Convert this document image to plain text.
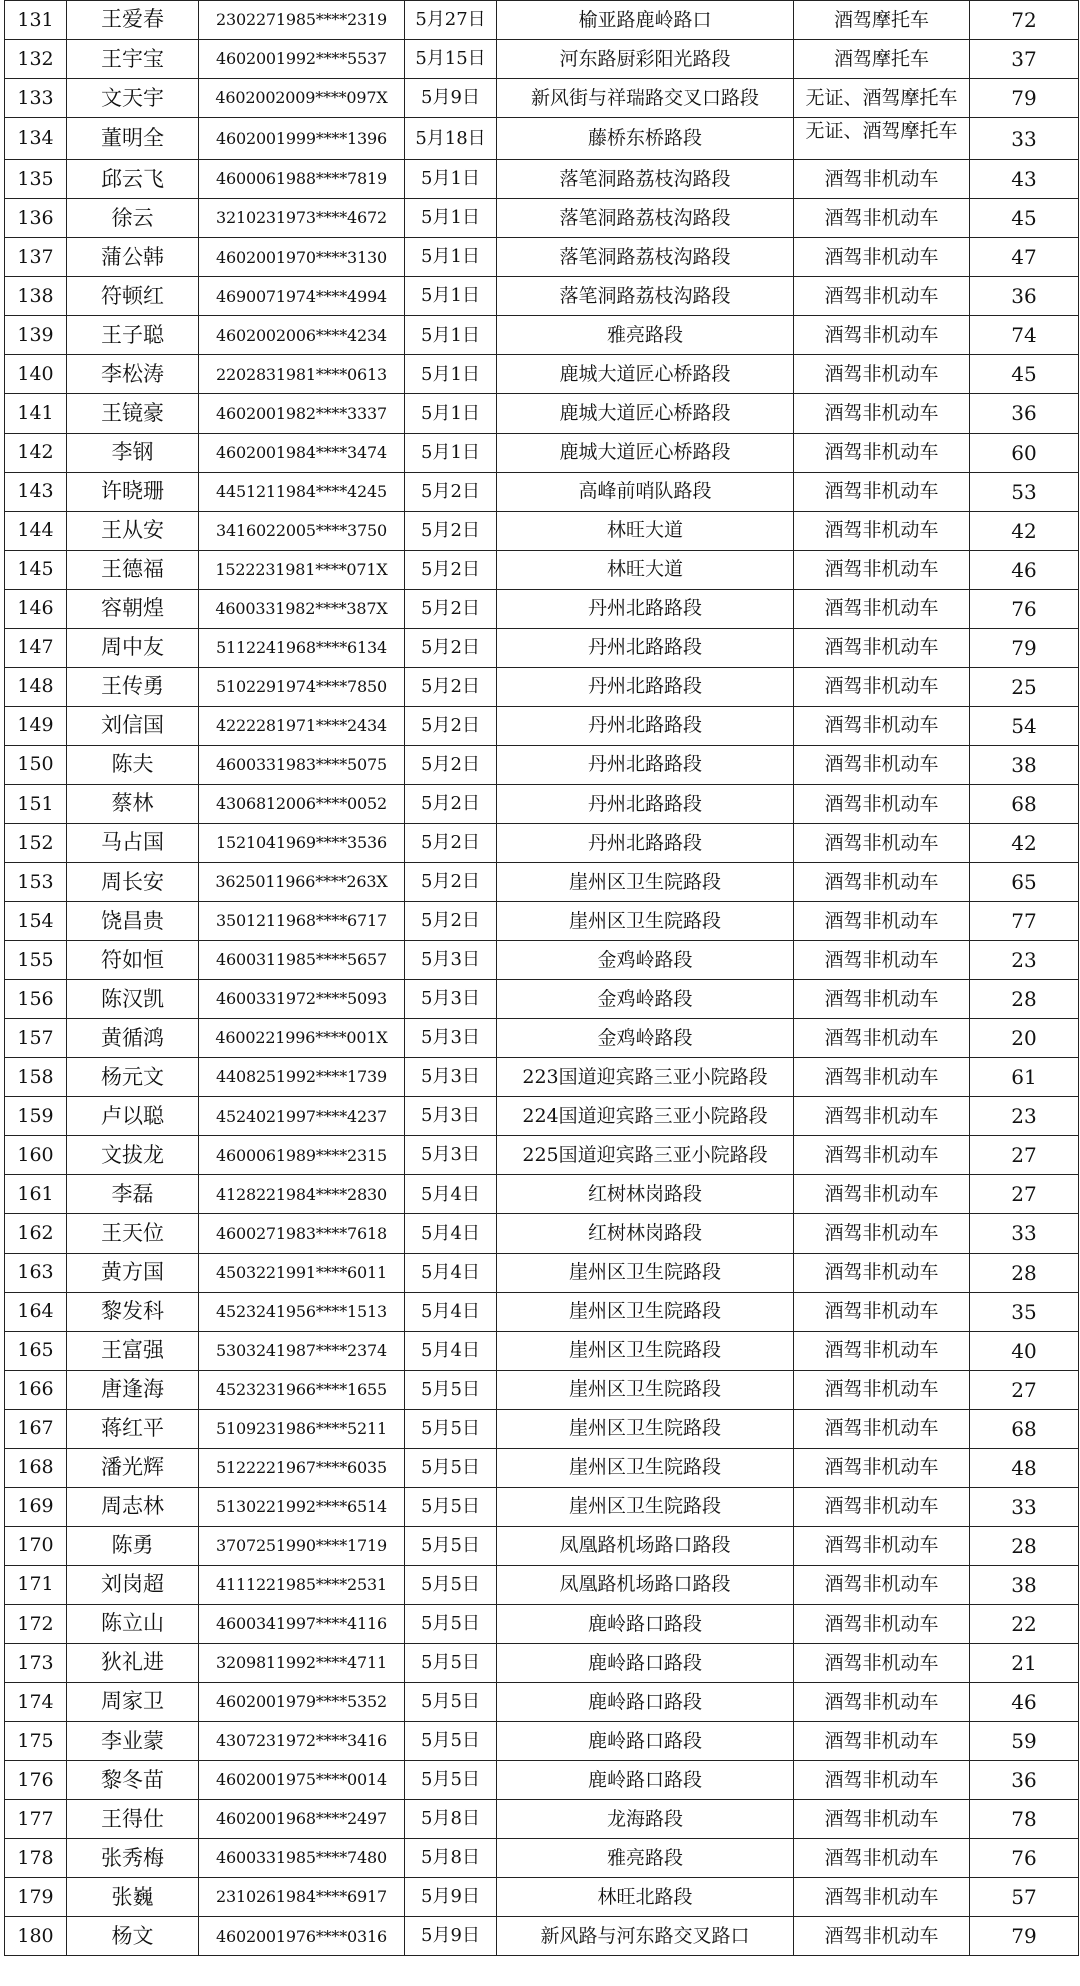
131	王爱春	2302271985****2319	5月27日	榆亚路鹿岭路口	酒驾摩托车	72
132	王宇宝	4602001992****5537	5月15日	河东路厨彩阳光路段	酒驾摩托车	37
133	文天宇	4602002009****097X	5月9日	新风街与祥瑞路交叉口路段	无证、酒驾摩托车	79
134	董明全	4602001999****1396	5月18日	藤桥东桥路段	无证、酒驾摩托车	33
135	邱云飞	4600061988****7819	5月1日	落笔洞路荔枝沟路段	酒驾非机动车	43
136	徐云	3210231973****4672	5月1日	落笔洞路荔枝沟路段	酒驾非机动车	45
137	蒲公韩	4602001970****3130	5月1日	落笔洞路荔枝沟路段	酒驾非机动车	47
138	符顿红	4690071974****4994	5月1日	落笔洞路荔枝沟路段	酒驾非机动车	36
139	王子聪	4602002006****4234	5月1日	雅亮路段	酒驾非机动车	74
140	李松涛	2202831981****0613	5月1日	鹿城大道匠心桥路段	酒驾非机动车	45
141	王镜豪	4602001982****3337	5月1日	鹿城大道匠心桥路段	酒驾非机动车	36
142	李钢	4602001984****3474	5月1日	鹿城大道匠心桥路段	酒驾非机动车	60
143	许晓珊	4451211984****4245	5月2日	高峰前哨队路段	酒驾非机动车	53
144	王从安	3416022005****3750	5月2日	林旺大道	酒驾非机动车	42
145	王德福	1522231981****071X	5月2日	林旺大道	酒驾非机动车	46
146	容朝煌	4600331982****387X	5月2日	丹州北路路段	酒驾非机动车	76
147	周中友	5112241968****6134	5月2日	丹州北路路段	酒驾非机动车	79
148	王传勇	5102291974****7850	5月2日	丹州北路路段	酒驾非机动车	25
149	刘信国	4222281971****2434	5月2日	丹州北路路段	酒驾非机动车	54
150	陈夫	4600331983****5075	5月2日	丹州北路路段	酒驾非机动车	38
151	蔡林	4306812006****0052	5月2日	丹州北路路段	酒驾非机动车	68
152	马占国	1521041969****3536	5月2日	丹州北路路段	酒驾非机动车	42
153	周长安	3625011966****263X	5月2日	崖州区卫生院路段	酒驾非机动车	65
154	饶昌贵	3501211968****6717	5月2日	崖州区卫生院路段	酒驾非机动车	77
155	符如恒	4600311985****5657	5月3日	金鸡岭路段	酒驾非机动车	23
156	陈汉凯	4600331972****5093	5月3日	金鸡岭路段	酒驾非机动车	28
157	黄循鸿	4600221996****001X	5月3日	金鸡岭路段	酒驾非机动车	20
158	杨元文	4408251992****1739	5月3日	223国道迎宾路三亚小院路段	酒驾非机动车	61
159	卢以聪	4524021997****4237	5月3日	224国道迎宾路三亚小院路段	酒驾非机动车	23
160	文拔龙	4600061989****2315	5月3日	225国道迎宾路三亚小院路段	酒驾非机动车	27
161	李磊	4128221984****2830	5月4日	红树林岗路段	酒驾非机动车	27
162	王天位	4600271983****7618	5月4日	红树林岗路段	酒驾非机动车	33
163	黄方国	4503221991****6011	5月4日	崖州区卫生院路段	酒驾非机动车	28
164	黎发科	4523241956****1513	5月4日	崖州区卫生院路段	酒驾非机动车	35
165	王富强	5303241987****2374	5月4日	崖州区卫生院路段	酒驾非机动车	40
166	唐逢海	4523231966****1655	5月5日	崖州区卫生院路段	酒驾非机动车	27
167	蒋红平	5109231986****5211	5月5日	崖州区卫生院路段	酒驾非机动车	68
168	潘光辉	5122221967****6035	5月5日	崖州区卫生院路段	酒驾非机动车	48
169	周志林	5130221992****6514	5月5日	崖州区卫生院路段	酒驾非机动车	33
170	陈勇	3707251990****1719	5月5日	凤凰路机场路口路段	酒驾非机动车	28
171	刘岗超	4111221985****2531	5月5日	凤凰路机场路口路段	酒驾非机动车	38
172	陈立山	4600341997****4116	5月5日	鹿岭路口路段	酒驾非机动车	22
173	狄礼进	3209811992****4711	5月5日	鹿岭路口路段	酒驾非机动车	21
174	周家卫	4602001979****5352	5月5日	鹿岭路口路段	酒驾非机动车	46
175	李业蒙	4307231972****3416	5月5日	鹿岭路口路段	酒驾非机动车	59
176	黎冬苗	4602001975****0014	5月5日	鹿岭路口路段	酒驾非机动车	36
177	王得仕	4602001968****2497	5月8日	龙海路段	酒驾非机动车	78
178	张秀梅	4600331985****7480	5月8日	雅亮路段	酒驾非机动车	76
179	张巍	2310261984****6917	5月9日	林旺北路段	酒驾非机动车	57
180	杨文	4602001976****0316	5月9日	新风路与河东路交叉路口	酒驾非机动车	79
